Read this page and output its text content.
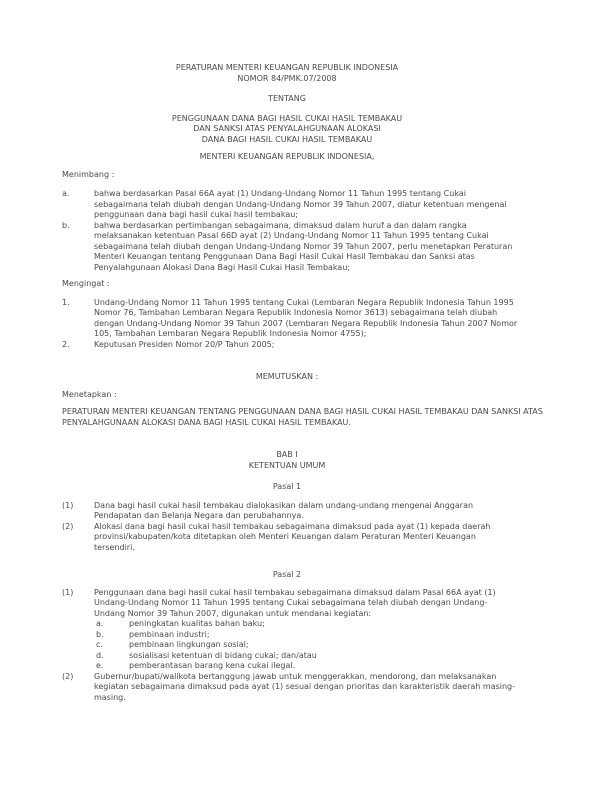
PERATURAN MENTERI KEUANGAN REPUBLIK INDONESIA
NOMOR 84/PMK.07/2008
TENTANG
PENGGUNAAN DANA BAGI HASIL CUKAI HASIL TEMBAKAU
DAN SANKSI ATAS PENYALAHGUNAAN ALOKASI
DANA BAGI HASIL CUKAI HASIL TEMBAKAU
MENTERI KEUANGAN REPUBLIK INDONESIA,
Menimbang :
a.	bahwa berdasarkan Pasal 66A ayat (1) Undang-Undang Nomor 11 Tahun 1995 tentang Cukai sebagaimana telah diubah dengan Undang-Undang Nomor 39 Tahun 2007, diatur ketentuan mengenai penggunaan dana bagi hasil cukai hasil tembakau;
b.	bahwa berdasarkan pertimbangan sebagaimana, dimaksud dalam huruf a dan dalam rangka melaksanakan ketentuan Pasal 66D ayat (2) Undang-Undang Nomor 11 Tahun 1995 tentang Cukai sebagaimana telah diubah dengan Undang-Undang Nomor 39 Tahun 2007, perlu menetapkan Peraturan Menteri Keuangan tentang Penggunaan Dana Bagi Hasil Cukai Hasil Tembakau dan Sanksi atas Penyalahgunaan Alokasi Dana Bagi Hasil Cukai Hasil Tembakau;
Mengingat :
1.	Undang-Undang Nomor 11 Tahun 1995 tentang Cukai (Lembaran Negara Republik Indonesia Tahun 1995 Nomor 76, Tambahan Lembaran Negara Republik Indonesia Nomor 3613) sebagaimana telah diubah dengan Undang-Undang Nomor 39 Tahun 2007 (Lembaran Negara Republik Indonesia Tahun 2007 Nomor 105, Tambahan Lembaran Negara Republik Indonesia Nomor 4755);
2.	Keputusan Presiden Nomor 20/P Tahun 2005;
MEMUTUSKAN :
Menetapkan :
PERATURAN MENTERI KEUANGAN TENTANG PENGGUNAAN DANA BAGI HASIL CUKAI HASIL TEMBAKAU DAN SANKSI ATAS PENYALAHGUNAAN ALOKASI DANA BAGI HASIL CUKAI HASIL TEMBAKAU.
BAB I
KETENTUAN UMUM
Pasal 1
(1)	Dana bagi hasil cukai hasil tembakau dialokasikan dalam undang-undang mengenai Anggaran Pendapatan dan Belanja Negara dan perubahannya.
(2)	Alokasi dana bagi hasil cukai hasil tembakau sebagaimana dimaksud pada ayat (1) kepada daerah provinsi/kabupaten/kota ditetapkan oleh Menteri Keuangan dalam Peraturan Menteri Keuangan tersendiri.
Pasal 2
(1)	Penggunaan dana bagi hasil cukai hasil tembakau sebagaimana dimaksud dalam Pasal 66A ayat (1) Undang-Undang Nomor 11 Tahun 1995 tentang Cukai sebagaimana telah diubah dengan Undang-Undang Nomor 39 Tahun 2007, digunakan untuk mendanai kegiatan:
a.	peningkatan kualitas bahan baku;
b.	pembinaan industri;
c.	pembinaan lingkungan sosial;
d.	sosialisasi ketentuan di bidang cukai; dan/atau
e.	pemberantasan barang kena cukai ilegal.
(2)	Gubernur/bupati/walikota bertanggung jawab untuk menggerakkan, mendorong, dan melaksanakan kegiatan sebagaimana dimaksud pada ayat (1) sesuai dengan prioritas dan karakteristik daerah masing-masing.
